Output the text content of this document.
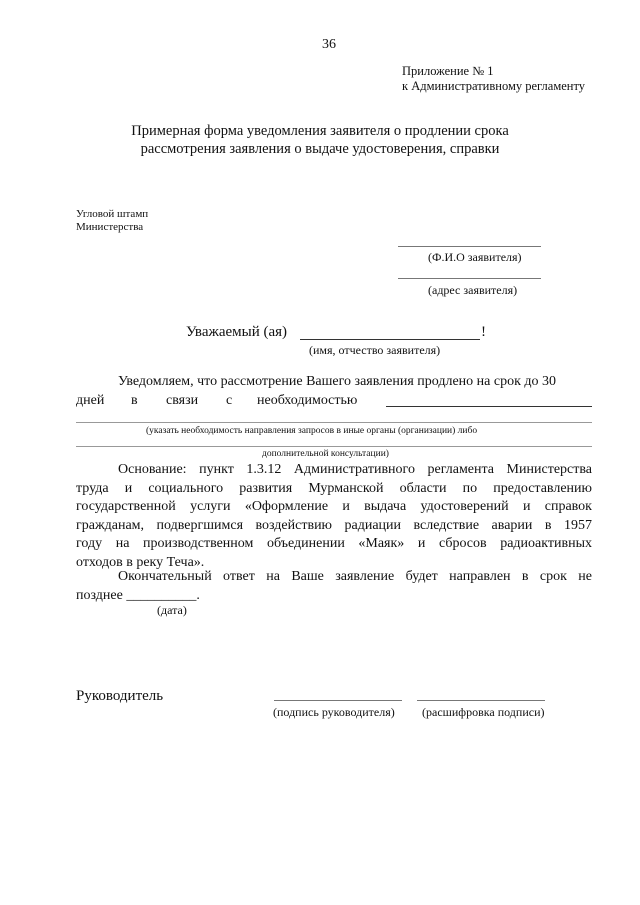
36
Приложение № 1
к Административному регламенту
Примерная форма уведомления заявителя о продлении срока
рассмотрения заявления о выдаче удостоверения, справки
Угловой штамп
Министерства
(Ф.И.О заявителя)
(адрес заявителя)
Уважаемый (ая)	!
(имя, отчество заявителя)
Уведомляем, что рассмотрение Вашего заявления продлено на срок до 30
дней в связи с необходимостью
(указать необходимость направления запросов в иные органы (организации) либо
дополнительной консультации)
Основание: пункт 1.3.12 Административного регламента Министерства
труда и социального развития Мурманской области по предоставлению
государственной услуги «Оформление и выдача удостоверений и справок
гражданам, подвергшимся воздействию радиации вследствие аварии в 1957
году на производственном объединении «Маяк» и сбросов радиоактивных
отходов в реку Теча».
Окончательный ответ на Ваше заявление будет направлен в срок не
позднее __________.
(дата)
Руководитель
(подпись руководителя) (расшифровка подписи)
